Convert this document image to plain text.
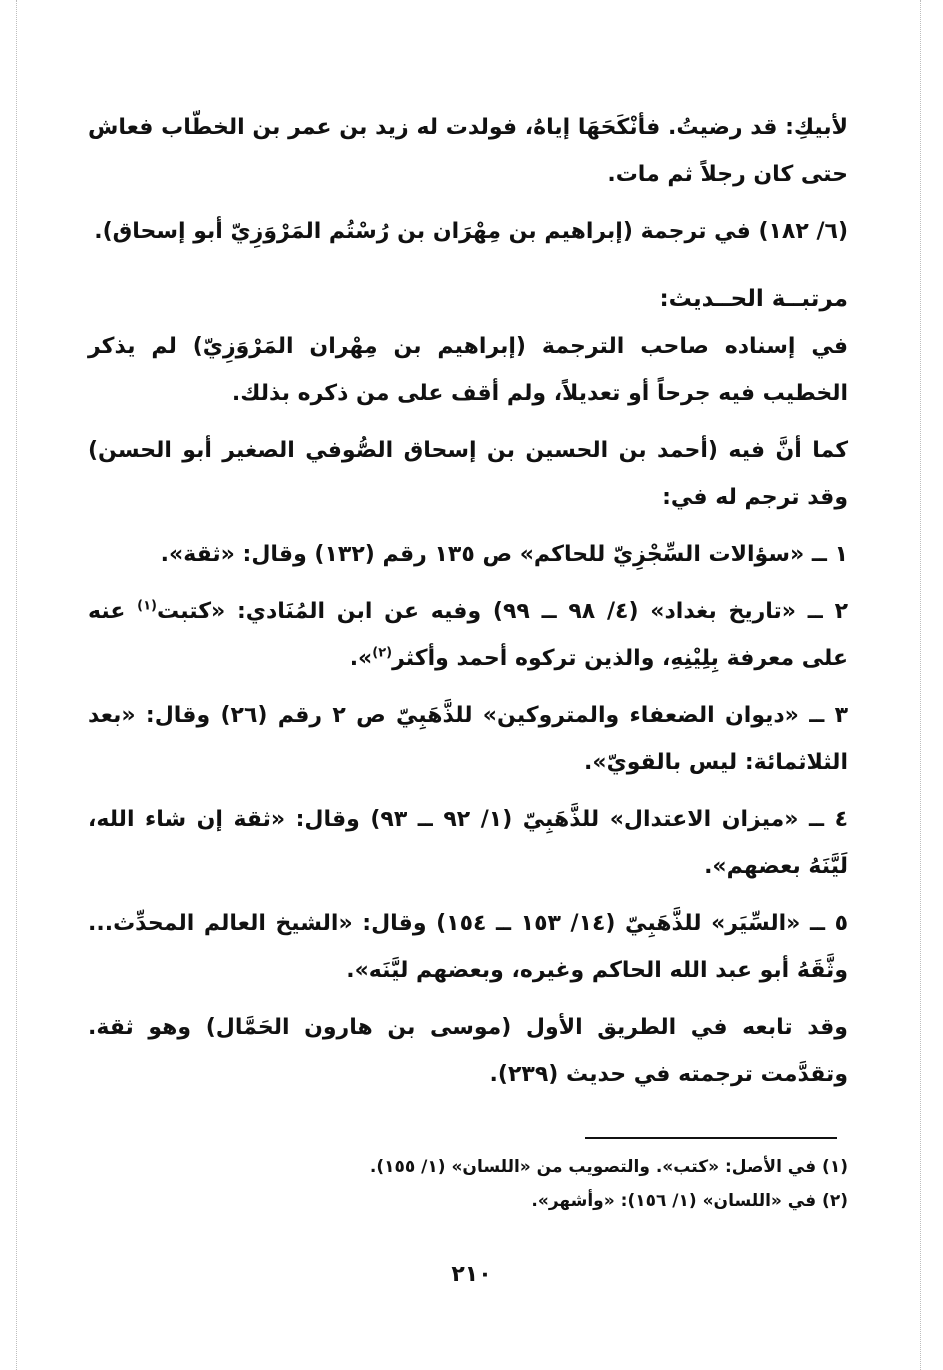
لأبيكِ: قد رضيتُ. فأنْكَحَهَا إياهُ، فولدت له زيد بن عمر بن الخطّاب فعاش حتى كان رجلاً ثم مات.

(٦/ ١٨٢) في ترجمة (إبراهيم بن مِهْرَان بن رُسْتُم المَرْوَزِيّ أبو إسحاق).

مرتبــة الحــديث:

في إسناده صاحب الترجمة (إبراهيم بن مِهْران المَرْوَزِيّ) لم يذكر الخطيب فيه جرحاً أو تعديلاً، ولم أقف على من ذكره بذلك.

كما أنَّ فيه (أحمد بن الحسين بن إسحاق الصُّوفي الصغير أبو الحسن) وقد ترجم له في:

١ ــ «سؤالات السِّجْزِيّ للحاكم» ص ١٣٥ رقم (١٣٢) وقال: «ثقة».

٢ ــ «تاريخ بغداد» (٤/ ٩٨ ــ ٩٩) وفيه عن ابن المُنَادي: «كتبت$^{(١)}$ عنه على معرفة بِلِيْنِهِ، والذين تركوه أحمد وأكثر$^{(٢)}$».

٣ ــ «ديوان الضعفاء والمتروكين» للذَّهَبِيّ ص ٢ رقم (٢٦) وقال: «بعد الثلاثمائة: ليس بالقويّ».

٤ ــ «ميزان الاعتدال» للذَّهَبِيّ (١/ ٩٢ ــ ٩٣) وقال: «ثقة إن شاء الله، لَيَّنَهُ بعضهم».

٥ ــ «السِّيَر» للذَّهَبِيّ (١٤/ ١٥٣ ــ ١٥٤) وقال: «الشيخ العالم المحدِّث... وثَّقَهُ أبو عبد الله الحاكم وغيره، وبعضهم ليَّنَه».

وقد تابعه في الطريق الأول (موسى بن هارون الحَمَّال) وهو ثقة. وتقدَّمت ترجمته في حديث (٢٣٩).

(١) في الأصل: «كتب». والتصويب من «اللسان» (١/ ١٥٥).
(٢) في «اللسان» (١/ ١٥٦): «وأشهر».
٢١٠
